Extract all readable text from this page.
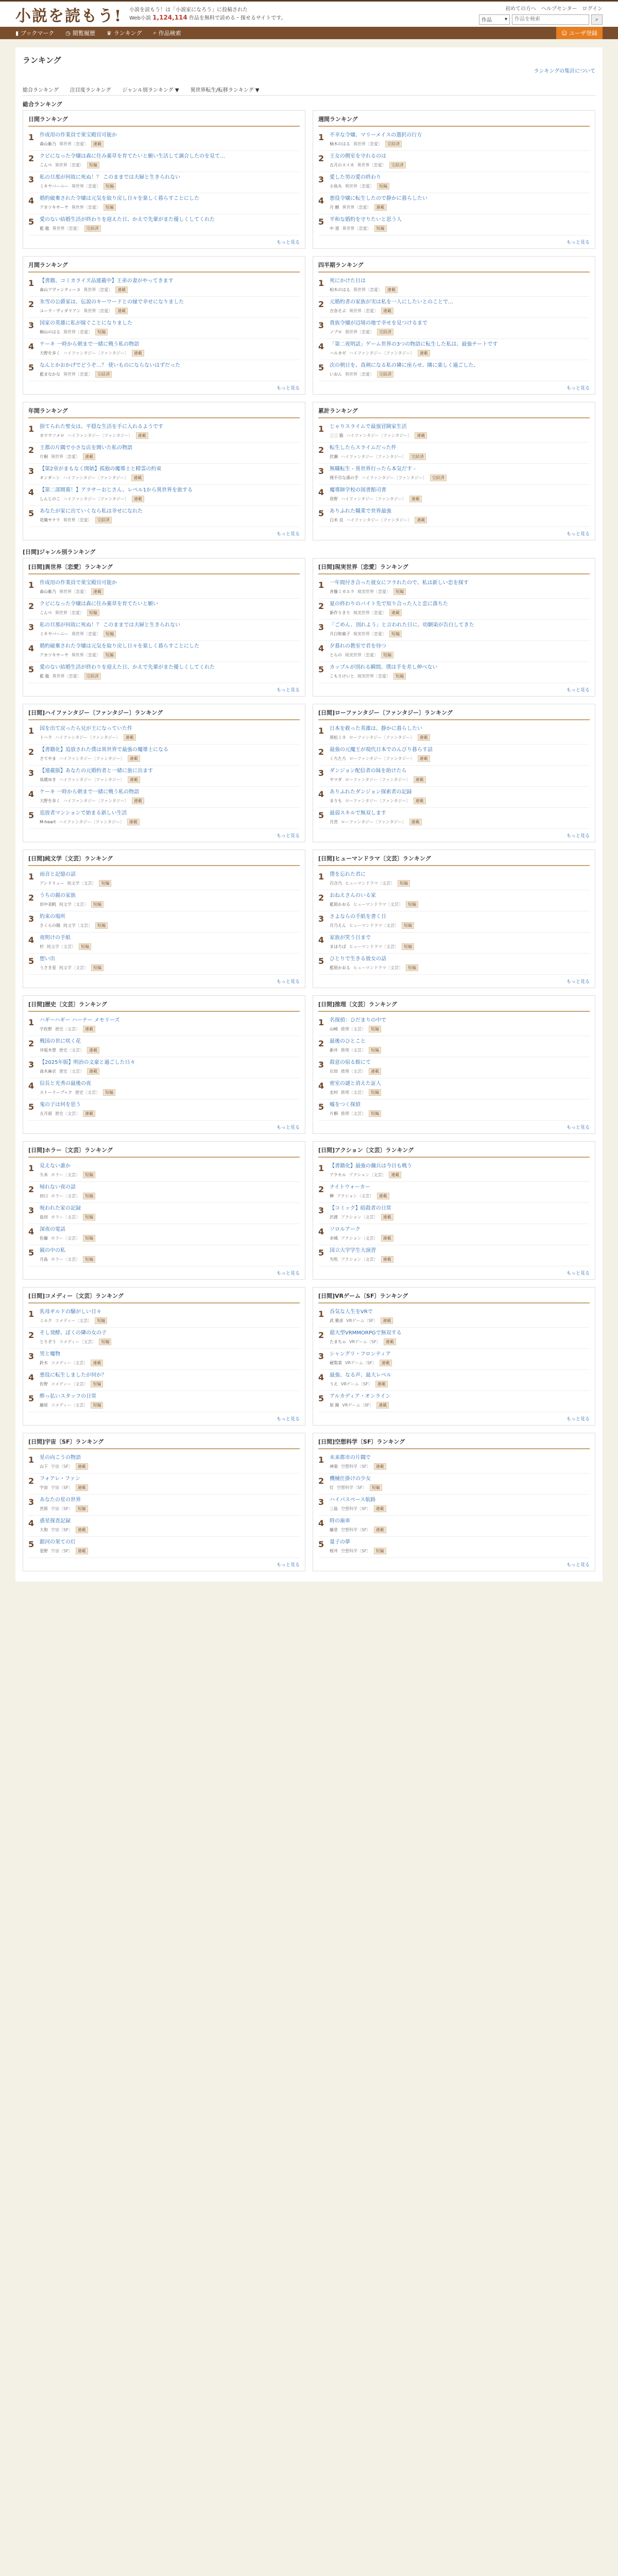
小説を読もう! 小説を読もう！は「小説家になろう」に投稿された
Web小説 1,124,114 作品を無料で読める・探せるサイトです。
初めての方へ ヘルプセンター ログイン
作品 ▾
作品を検索	⌕
▮ ブックマーク ◷ 閲覧履歴 ♛ ランキング ⌕ 作品検索	☺
ユーザ登録
ランキング
ランキングの集計について
総合ランキング 注目度ランキング ジャンル別ランキング ▼ 異世界転生/転移ランキング ▼
総合ランキング
日間ランキング
1 作成用の作業員で果宝殿官可能か
森山紫乃 異世界〔恋愛〕	連載
2 クビになった令嬢は森に住み薬草を育てたいと願い生活して調合したのを見て…
こんぺ 異世界〔恋愛〕	短編
3 私の旦那が何故に死ぬ！？ このままでは夫婦と生きられない
ミキヤバーニー 異世界〔恋愛〕	短編
4 婚約破棄された令嬢は元気を取り戻し日々を楽しく暮らすことにした
アカツキサーヤ 異世界〔恋愛〕	短編
5 愛のない結婚生活が終わりを迎えた日、かえで先輩がまた優しくしてくれた
藍 龍 異世界〔恋愛〕	完結済
もっと見る
週間ランキング
1 不幸な令嬢、マリーメイスの選択の行方
柚木のはる 異世界〔恋愛〕	完結済
2 王女の側室を守れるのは
五月のスイカ 異世界〔恋愛〕	完結済
3 愛した男の愛の終わり
小鳥丸 異世界〔恋愛〕	短編
4 悪役令嬢に転生したので静かに暮らしたい
月 鯉 異世界〔恋愛〕	連載
5 平和な婚約を守りたいと思う人
中 道 異世界〔恋愛〕	短編
もっと見る
月間ランキング
1 【書籍、コミカライズ品連載中】王弟の妻がやってきます
森山アヴァンティーヌ 異世界〔恋愛〕	連載
2 氷雪の公爵家は、伝説のキーワードとの縁で幸せになりました
ユーラ・ヴィダリアン 異世界〔恋愛〕	連載
3 国家の英雄に私が嫁ぐことになりました
桐山のはる 異世界〔恋愛〕	短編
4 ケーキ 一時から朝まで一緒に戦う私の物語
大野を歩く ハイファンタジー〔ファンタジー〕	連載
5 なんとかおかげでどうぞ…？ 使いものにならないはずだった
藍まなかな 異世界〔恋愛〕	完結済
もっと見る
四半期ランキング
1 死にかけた日は
柏木のはる 異世界〔恋愛〕	連載
2 元婚約者の家族が実は私を一人にしたいとのことで…
吉奈そぶ 異世界〔恋愛〕	連載
3 貴族令嬢が辺境の地で幸せを見つけるまで
ノブロ 異世界〔恋愛〕	完結済
4 「第二夜明話」ゲーム世界の3つの物語に転生した私は、最強チートです
ハルカゼ ハイファンタジー〔ファンタジー〕	連載
5 次の朝日を、真剣になる私の隣に座らせ、隣に楽しく過ごした。
いおん 異世界〔恋愛〕	完結済
もっと見る
年間ランキング
1 捨てられた聖女は、平穏な生活を手に入れるようです
カワウソメロ ハイファンタジー〔ファンタジー〕	連載
2 王都の片隅で小さな店を開いた私の物語
片桐 異世界〔恋愛〕	連載
3 【第2章がまもなく開始】孤独の魔導士と精霊の約束
オンダーン ハイファンタジー〔ファンタジー〕	連載
4 【第二部開幕！】アラサーおじさん、レベル1から異世界を旅する
しんじのこ ハイファンタジー〔ファンタジー〕	連載
5 あなたが家に出ていくなら私は幸せになれた
花織サクラ 異世界〔恋愛〕	完結済
もっと見る
累計ランキング
1 じゃりスライムで最強冒険家生活
三三 猫 ハイファンタジー〔ファンタジー〕	連載
2 転生したらスライムだった件
伏瀬 ハイファンタジー〔ファンタジー〕	完結済
3 無職転生 - 異世界行ったら本気だす -
理不尽な孫の手 ハイファンタジー〔ファンタジー〕	完結済
4 魔導師学校の図書館司書
花野 ハイファンタジー〔ファンタジー〕	連載
5 ありふれた職業で世界最強
白米 良 ハイファンタジー〔ファンタジー〕	連載
もっと見る
[日間]ジャンル別ランキング
[日間]異世界〔恋愛〕ランキング
1 作成用の作業員で果宝殿官可能か
森山紫乃 異世界〔恋愛〕	連載
2 クビになった令嬢は森に住み薬草を育てたいと願い
こんぺ 異世界〔恋愛〕	短編
3 私の旦那が何故に死ぬ！？ このままでは夫婦と生きられない
ミキヤバーニー 異世界〔恋愛〕	短編
4 婚約破棄された令嬢は元気を取り戻し日々を楽しく暮らすことにした
アカツキサーヤ 異世界〔恋愛〕	短編
5 愛のない結婚生活が終わりを迎えた日、かえで先輩がまた優しくしてくれた
藍 龍 異世界〔恋愛〕	完結済
もっと見る
[日間]現実世界〔恋愛〕ランキング
1 一年間付き合った彼女にフラれたので、私は新しい恋を探す
斉籐ミカエラ 現実世界〔恋愛〕	短編
2 夏の終わりのバイト先で知り合った人と恋に落ちた
新作りきり 現実世界〔恋愛〕	連載
3 「ごめん、別れよう」と言われた日に、幼馴染が告白してきた
月白和菓子 現実世界〔恋愛〕	短編
4 夕暮れの教室で君を待つ
とらの 現実世界〔恋愛〕	短編
5 カップルが別れる瞬間、僕は手を差し伸べない
こもりけいと 現実世界〔恋愛〕	短編
もっと見る
[日間]ハイファンタジー〔ファンタジー〕ランキング
1 国を出て戻ったら兄が王になっていた件
トハラ ハイファンタジー〔ファンタジー〕	連載
2 【書籍化】追放された僕は異世界で最強の魔導士になる
さてやま ハイファンタジー〔ファンタジー〕	連載
3 【連載版】あなたの元婚約者と一緒に旅に出ます
鳥越ゆき ハイファンタジー〔ファンタジー〕	連載
4 ケーキ 一時から朝まで一緒に戦う私の物語
大野を歩く ハイファンタジー〔ファンタジー〕	連載
5 追放者マンションで始まる新しい生活
M-heart ハイファンタジー〔ファンタジー〕	連載
もっと見る
[日間]ローファンタジー〔ファンタジー〕ランキング
1 日本を救った英雄は、静かに暮らしたい
黒松ミネ ローファンタジー〔ファンタジー〕	連載
2 最強の元魔王が現代日本でのんびり暮らす話
くろたろ ローファンタジー〔ファンタジー〕	連載
3 ダンジョン配信者の妹を助けたら
ヤマダ ローファンタジー〔ファンタジー〕	連載
4 ありふれたダンジョン探索者の記録
まりも ローファンタジー〔ファンタジー〕	連載
5 最弱スキルで無双します
月宮 ローファンタジー〔ファンタジー〕	連載
もっと見る
[日間]純文学〔文芸〕ランキング
1 雨音と記憶の話
アンドリュー 純文学〔文芸〕	短編
2 うちの親の家族
田中美帆 純文学〔文芸〕	短編
3 約束の場所
さくらの陽 純文学〔文芸〕	短編
4 夜明けの手紙
杉 純文学〔文芸〕	短編
5 想い出
うさき星 純文学〔文芸〕	短編
もっと見る
[日間]ヒューマンドラマ〔文芸〕ランキング
1 僕を忘れた君に
百合乃 ヒューマンドラマ〔文芸〕	短編
2 おねえさんのいる家
藍原かおる ヒューマンドラマ〔文芸〕	短編
3 さよならの手紙を書く日
月乃えん ヒューマンドラマ〔文芸〕	短編
4 家族が笑う日まで
まほろば ヒューマンドラマ〔文芸〕	短編
5 ひとりで生きる彼女の話
藍原かおる ヒューマンドラマ〔文芸〕	短編
もっと見る
[日間]歴史〔文芸〕ランキング
1 ハギーハギー ハーナー メモリーズ
宇佐野 歴史〔文芸〕	連載
2 戦国の世に咲く花
井坂木曽 歴史〔文芸〕	連載
3 【2025年版】明治の文豪と過ごした日々
高木麻衣 歴史〔文芸〕	連載
4 信長と光秀の最後の夜
ストーリーブック 歴史〔文芸〕	短編
5 鬼の子は何を思う
五月雨 歴史〔文芸〕	連載
もっと見る
[日間]推理〔文芸〕ランキング
1 名探偵：ひだまりの中で
山崎 推理〔文芸〕	短編
2 最後のひとこと
新井 推理〔文芸〕	短編
3 殺意の宿る館にて
石田 推理〔文芸〕	連載
4 密室の謎と消えた証人
北村 推理〔文芸〕	短編
5 嘘をつく探偵
片桐 推理〔文芸〕	短編
もっと見る
[日間]ホラー〔文芸〕ランキング
1 見えない誰か
久米 ホラー〔文芸〕	短編
2 帰れない夜の話
田口 ホラー〔文芸〕	短編
3 呪われた家の記録
島田 ホラー〔文芸〕	短編
4 深夜の電話
佐藤 ホラー〔文芸〕	短編
5 鏡の中の私
月島 ホラー〔文芸〕	短編
もっと見る
[日間]アクション〔文芸〕ランキング
1 【書籍化】最強の傭兵は今日も戦う
アクセル アクション〔文芸〕	連載
2 ナイトウォーカー
榊 アクション〔文芸〕	連載
3 【コミック】暗殺者の日常
沢渡 アクション〔文芸〕	連載
4 ソロルアーク
赤城 アクション〔文芸〕	連載
5 国立大学学生大演習
矢吹 アクション〔文芸〕	連載
もっと見る
[日間]コメディー〔文芸〕ランキング
1 乳母ギルドの騒がしい日々
ミルク コメディー〔文芸〕	短編
2 そし発酵、ぼくの隣の女の子
とりぞう コメディー〔文芸〕	短編
3 男と魔物
鈴木 コメディー〔文芸〕	連載
4 悪役に転生しましたが何か？
佐野 コメディー〔文芸〕	短編
5 酔っ払いスタッフの日常
藤原 コメディー〔文芸〕	短編
もっと見る
[日間]VRゲーム〔SF〕ランキング
1 呑気な人生をVRで
武 雅彦 VRゲーム〔SF〕	連載
2 超大型VRMMORPGで無双する
たまちゃ VRゲーム〔SF〕	連載
3 シャングリ・フロンティア
硬梨菜 VRゲーム〔SF〕	連載
4 最強、なる声、最大レベル
うえ VRゲーム〔SF〕	連載
5 アルカディア・オンライン
原 鏡 VRゲーム〔SF〕	連載
もっと見る
[日間]宇宙〔SF〕ランキング
1 星の向こうの物語
山下 宇宙〔SF〕	連載
2 フォアレ・ファン
宇宙 宇宙〔SF〕	連載
3 あなたの星の世界
宮原 宇宙〔SF〕	短編
4 惑星探査記録
大和 宇宙〔SF〕	連載
5 銀河の果ての灯
星野 宇宙〔SF〕	連載
もっと見る
[日間]空想科学〔SF〕ランキング
1 未来都市の片隅で
神楽 空想科学〔SF〕	連載
2 機械仕掛けの少女
灯 空想科学〔SF〕	短編
3 ハイパスペース航路
三島 空想科学〔SF〕	連載
4 時の歯車
藤堂 空想科学〔SF〕	連載
5 量子の夢
桜井 空想科学〔SF〕	短編
もっと見る
